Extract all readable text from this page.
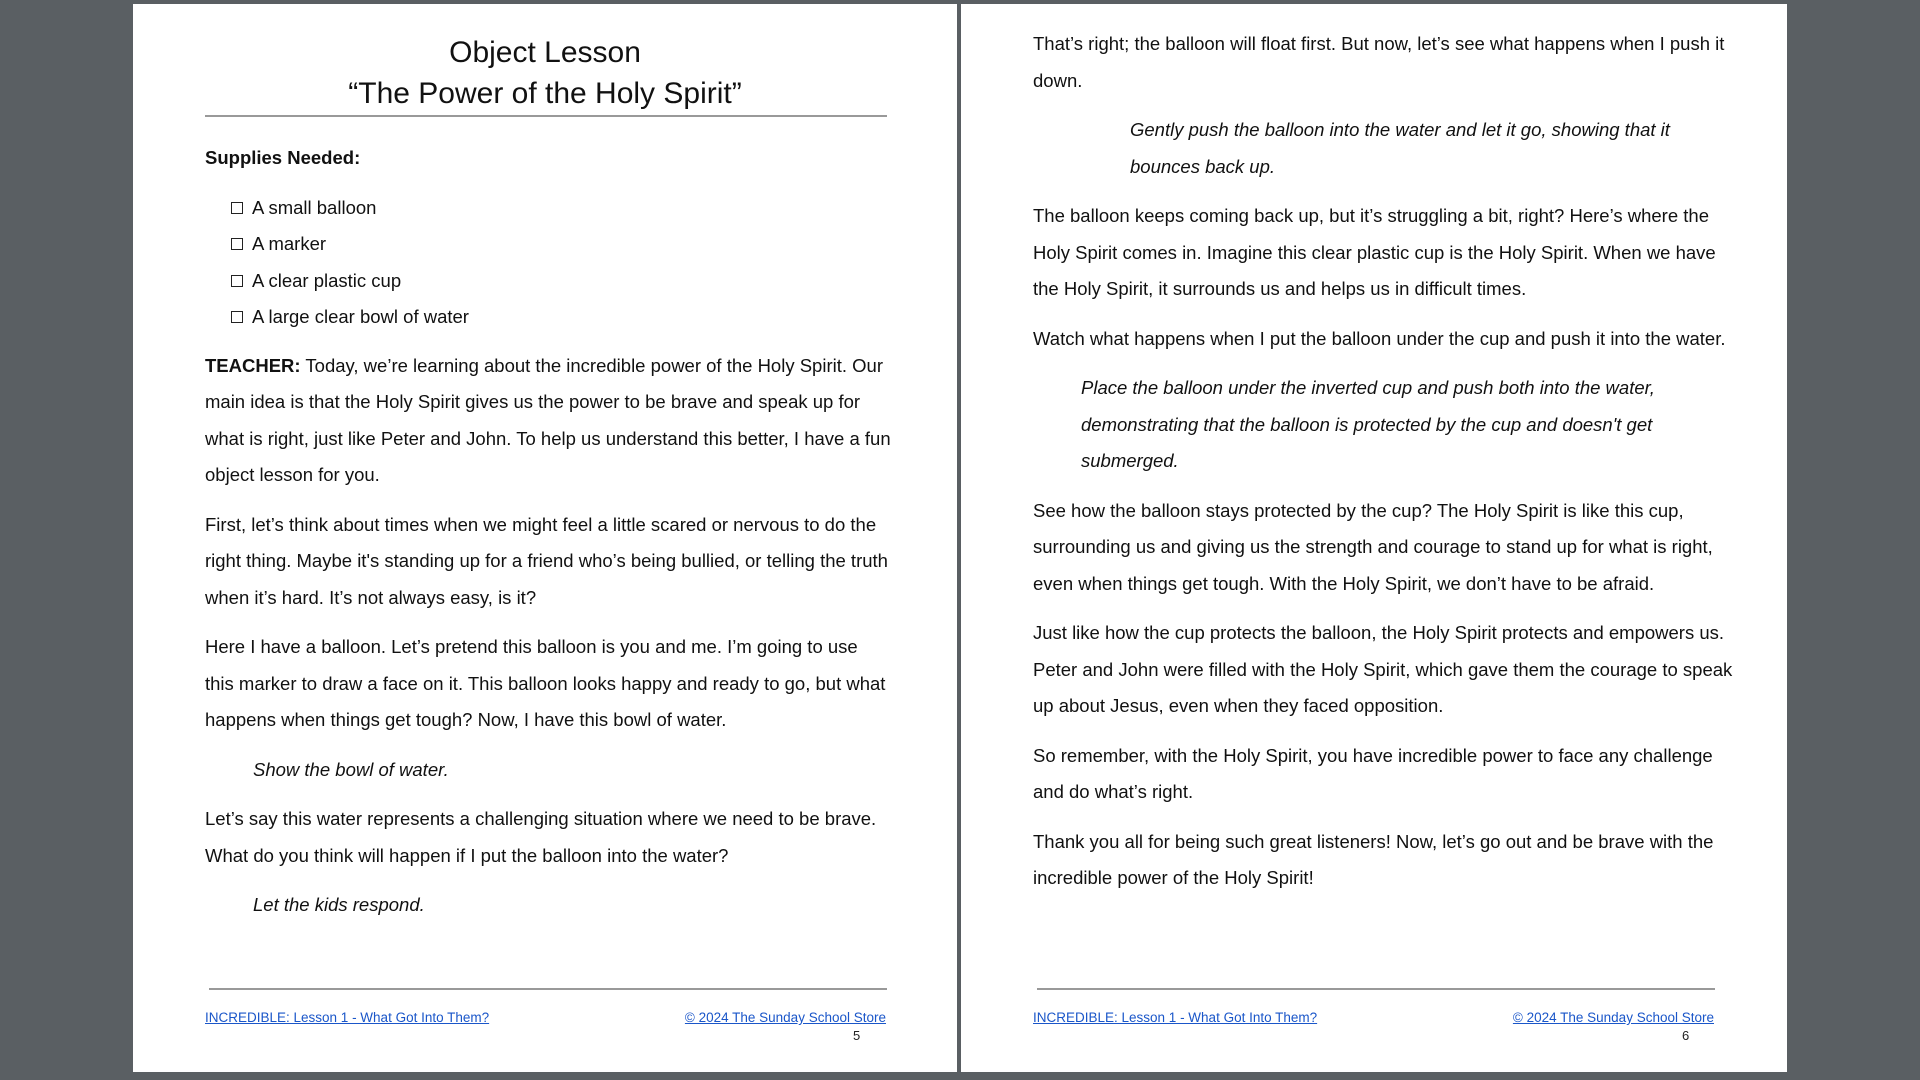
Object Lesson
“The Power of the Holy Spirit”
Supplies Needed:
A small balloon
A marker
A clear plastic cup
A large clear bowl of water

TEACHER: Today, we’re learning about the incredible power of the Holy Spirit. Our main idea is that the Holy Spirit gives us the power to be brave and speak up for what is right, just like Peter and John. To help us understand this better, I have a fun object lesson for you.

First, let’s think about times when we might feel a little scared or nervous to do the right thing. Maybe it's standing up for a friend who’s being bullied, or telling the truth when it’s hard. It’s not always easy, is it?

Here I have a balloon. Let’s pretend this balloon is you and me. I’m going to use this marker to draw a face on it. This balloon looks happy and ready to go, but what happens when things get tough? Now, I have this bowl of water.

Show the bowl of water.

Let’s say this water represents a challenging situation where we need to be brave. What do you think will happen if I put the balloon into the water?

Let the kids respond.

INCREDIBLE: Lesson 1 - What Got Into Them?	© 2024 The Sunday School Store
5

That’s right; the balloon will float first. But now, let’s see what happens when I push it down.

Gently push the balloon into the water and let it go, showing that it bounces back up.

The balloon keeps coming back up, but it’s struggling a bit, right? Here’s where the Holy Spirit comes in. Imagine this clear plastic cup is the Holy Spirit. When we have the Holy Spirit, it surrounds us and helps us in difficult times.

Watch what happens when I put the balloon under the cup and push it into the water.

Place the balloon under the inverted cup and push both into the water, demonstrating that the balloon is protected by the cup and doesn't get submerged.

See how the balloon stays protected by the cup? The Holy Spirit is like this cup, surrounding us and giving us the strength and courage to stand up for what is right, even when things get tough. With the Holy Spirit, we don’t have to be afraid.

Just like how the cup protects the balloon, the Holy Spirit protects and empowers us. Peter and John were filled with the Holy Spirit, which gave them the courage to speak up about Jesus, even when they faced opposition.

So remember, with the Holy Spirit, you have incredible power to face any challenge and do what’s right.

Thank you all for being such great listeners! Now, let’s go out and be brave with the incredible power of the Holy Spirit!

INCREDIBLE: Lesson 1 - What Got Into Them?	© 2024 The Sunday School Store
6
